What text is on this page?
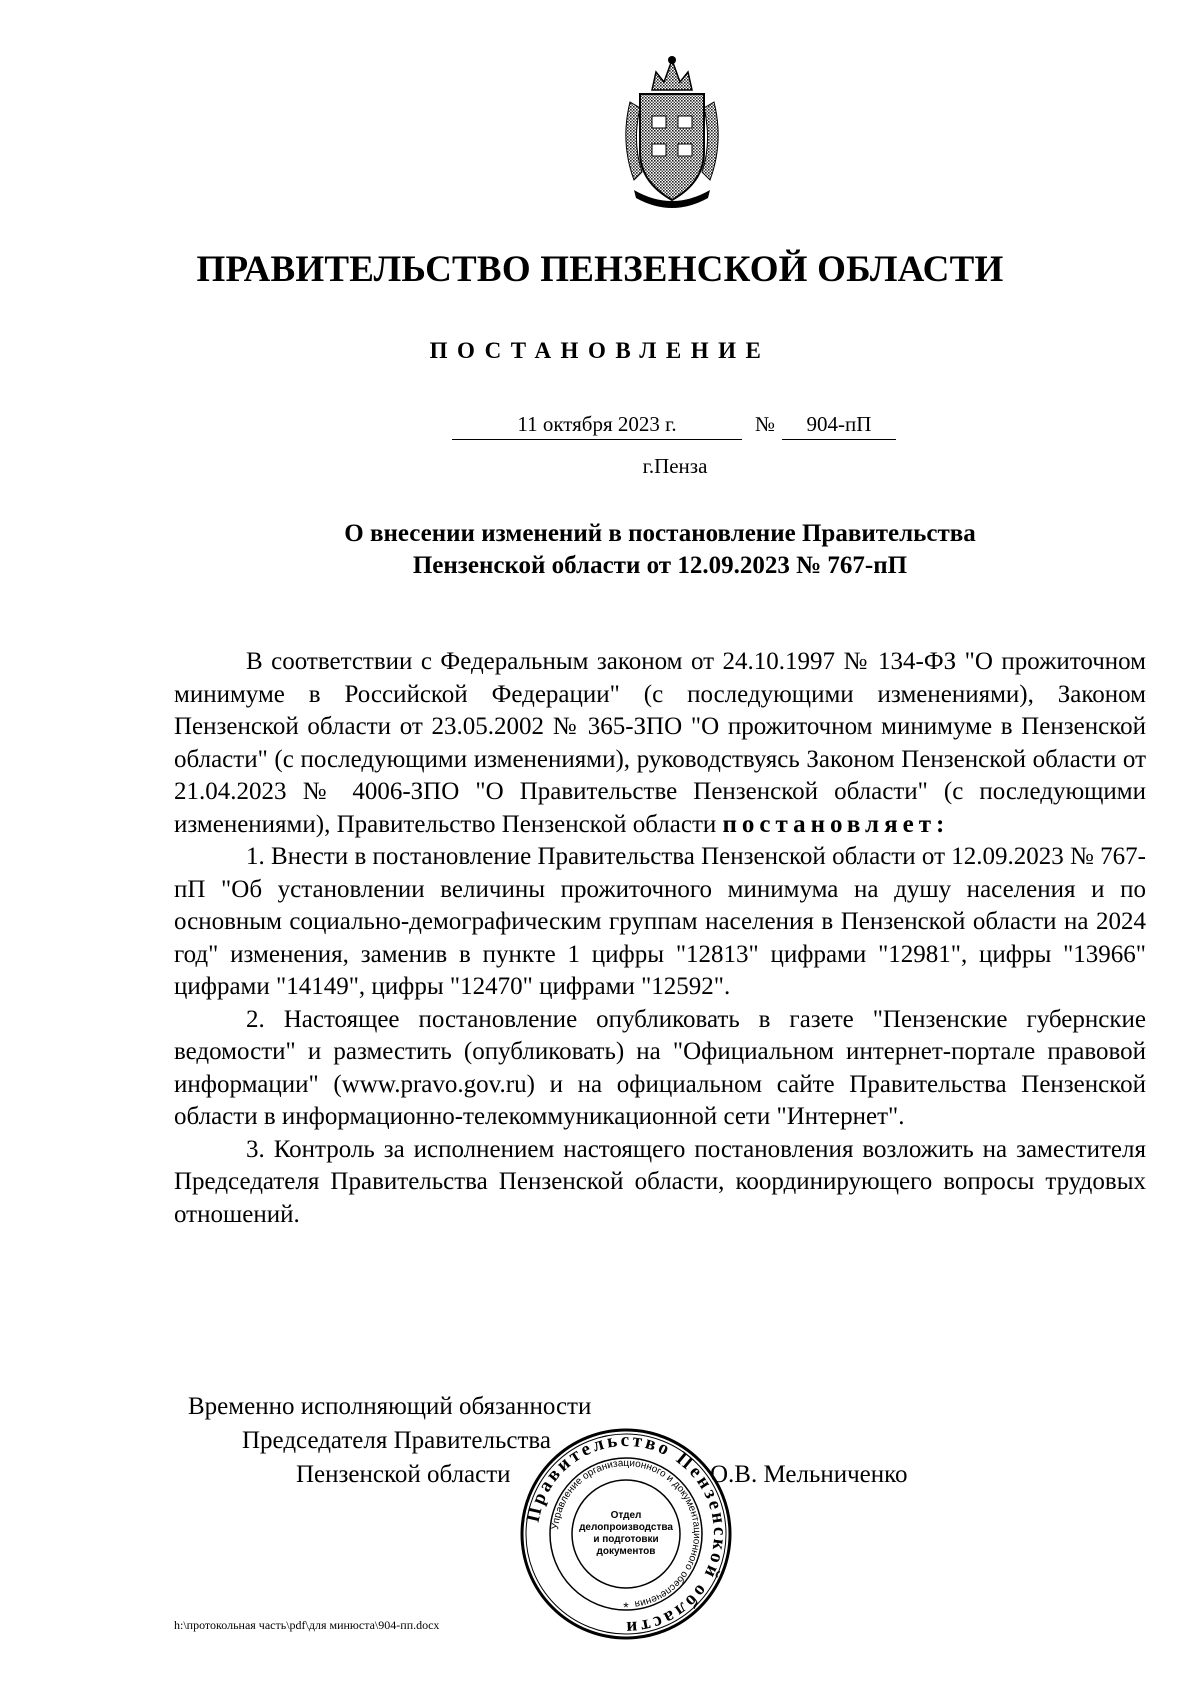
ПРАВИТЕЛЬСТВО ПЕНЗЕНСКОЙ ОБЛАСТИ
ПОСТАНОВЛЕНИЕ
11 октября 2023 г.	№	904-пП
г.Пенза
О внесении изменений в постановление Правительства
Пензенской области от 12.09.2023 № 767-пП

В соответствии с Федеральным законом от 24.10.1997 № 134-ФЗ "О прожиточном минимуме в Российской Федерации" (с последующими изменениями), Законом Пензенской области от 23.05.2002 № 365-ЗПО "О прожиточном минимуме в Пензенской области" (с последующими изменениями), руководствуясь Законом Пензенской области от 21.04.2023 № 4006-ЗПО "О Правительстве Пензенской области" (с последующими изменениями), Правительство Пензенской области постановляет:

1. Внести в постановление Правительства Пензенской области от 12.09.2023 № 767-пП "Об установлении величины прожиточного минимума на душу населения и по основным социально-демографическим группам населения в Пензенской области на 2024 год" изменения, заменив в пункте 1 цифры "12813" цифрами "12981", цифры "13966" цифрами "14149", цифры "12470" цифрами "12592".

2. Настоящее постановление опубликовать в газете "Пензенские губернские ведомости" и разместить (опубликовать) на "Официальном интернет-портале правовой информации" (www.pravo.gov.ru) и на официальном сайте Правительства Пензенской области в информационно-телекоммуникационной сети "Интернет".

3. Контроль за исполнением настоящего постановления возложить на заместителя Председателя Правительства Пензенской области, координирующего вопросы трудовых отношений.

Временно исполняющий обязанности
Председателя Правительства
Пензенской области	О.В. Мельниченко
Правительство Пензенской области
Управление организационного и документационного обеспечения
Отдел делопроизводства и подготовки документов
*
h:\протокольная часть\pdf\для минюста\904-пп.docx
